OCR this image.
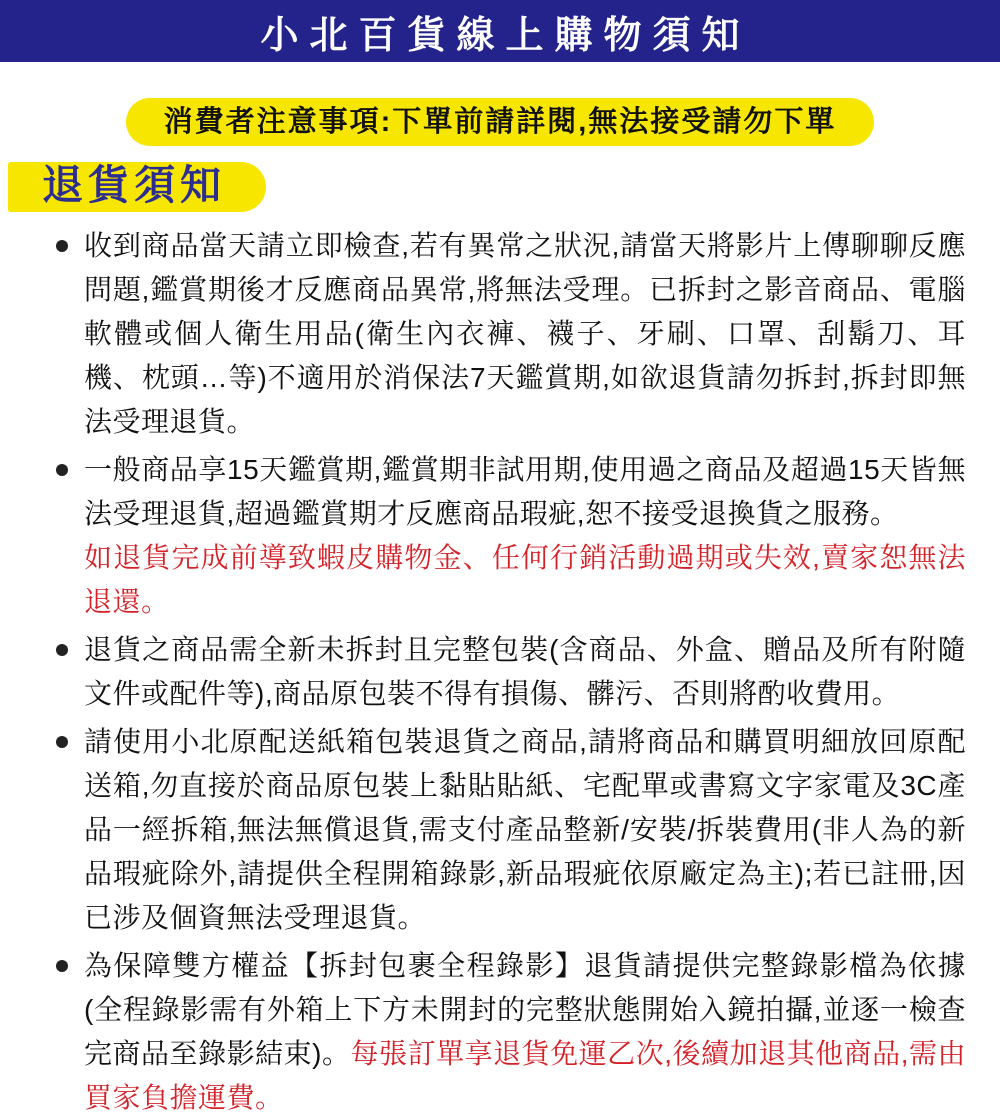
小北百貨線上購物須知
消費者注意事項:下單前請詳閱,無法接受請勿下單
退貨須知
收到商品當天請立即檢查,若有異常之狀況,請當天將影片上傳聊聊反應問題,鑑賞期後才反應商品異常,將無法受理。已拆封之影音商品、電腦軟體或個人衛生用品(衛生內衣褲、襪子、牙刷、口罩、刮鬍刀、耳機、枕頭…等)不適用於消保法7天鑑賞期,如欲退貨請勿拆封,拆封即無法受理退貨。
一般商品享15天鑑賞期,鑑賞期非試用期,使用過之商品及超過15天皆無法受理退貨,超過鑑賞期才反應商品瑕疵,恕不接受退換貨之服務。
如退貨完成前導致蝦皮購物金、任何行銷活動過期或失效,賣家恕無法退還。
退貨之商品需全新未拆封且完整包裝(含商品、外盒、贈品及所有附隨文件或配件等),商品原包裝不得有損傷、髒污、否則將酌收費用。
請使用小北原配送紙箱包裝退貨之商品,請將商品和購買明細放回原配送箱,勿直接於商品原包裝上黏貼貼紙、宅配單或書寫文字家電及3C產品一經拆箱,無法無償退貨,需支付產品整新/安裝/拆裝費用(非人為的新品瑕疵除外,請提供全程開箱錄影,新品瑕疵依原廠定為主);若已註冊,因已涉及個資無法受理退貨。
為保障雙方權益【拆封包裹全程錄影】退貨請提供完整錄影檔為依據(全程錄影需有外箱上下方未開封的完整狀態開始入鏡拍攝,並逐一檢查完商品至錄影結束)。每張訂單享退貨免運乙次,後續加退其他商品,需由買家負擔運費。
